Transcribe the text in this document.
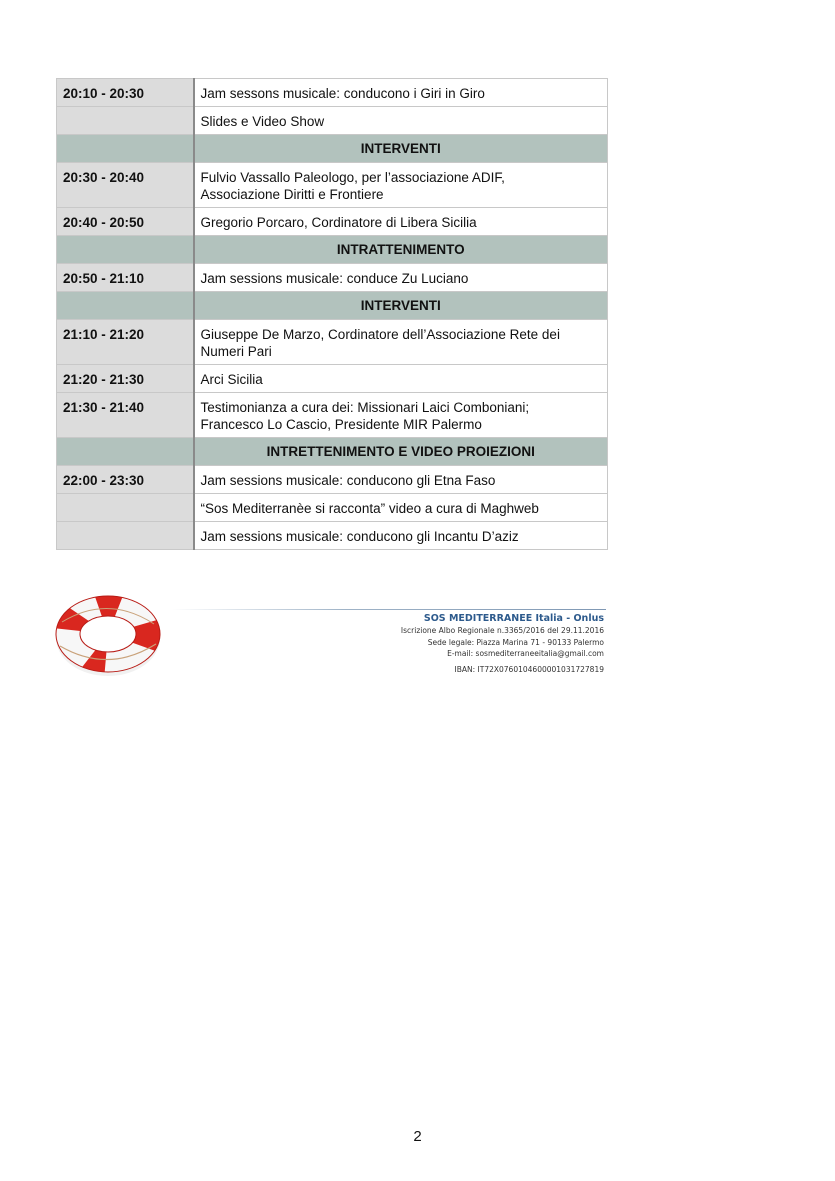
20:10 - 20:30	Jam sessons musicale: conducono i Giri in Giro

	Slides e Video Show

	INTERVENTI
20:30 - 20:40	Fulvio Vassallo Paleologo, per l’associazione ADIF,
Associazione Diritti e Frontiere

20:40 - 20:50	Gregorio Porcaro, Cordinatore di Libera Sicilia

	INTRATTENIMENTO
20:50 - 21:10	Jam sessions musicale: conduce Zu Luciano

	INTERVENTI
21:10 - 21:20	Giuseppe De Marzo, Cordinatore dell’Associazione Rete dei
Numeri Pari

21:20 - 21:30	Arci Sicilia

21:30 - 21:40	Testimonianza a cura dei: Missionari Laici Comboniani;
Francesco Lo Cascio, Presidente MIR Palermo

	INTRETTENIMENTO E VIDEO PROIEZIONI
22:00 - 23:30	Jam sessions musicale: conducono gli Etna Faso

	“Sos Mediterranèe si racconta” video a cura di Maghweb

	Jam sessions musicale: conducono gli Incantu D’aziz
SOS MEDITERRANEE Italia - Onlus
Iscrizione Albo Regionale n.3365/2016 del 29.11.2016
Sede legale: Piazza Marina 71 - 90133 Palermo
E-mail: sosmediterraneeitalia@gmail.com
IBAN: IT72X0760104600001031727819
2
